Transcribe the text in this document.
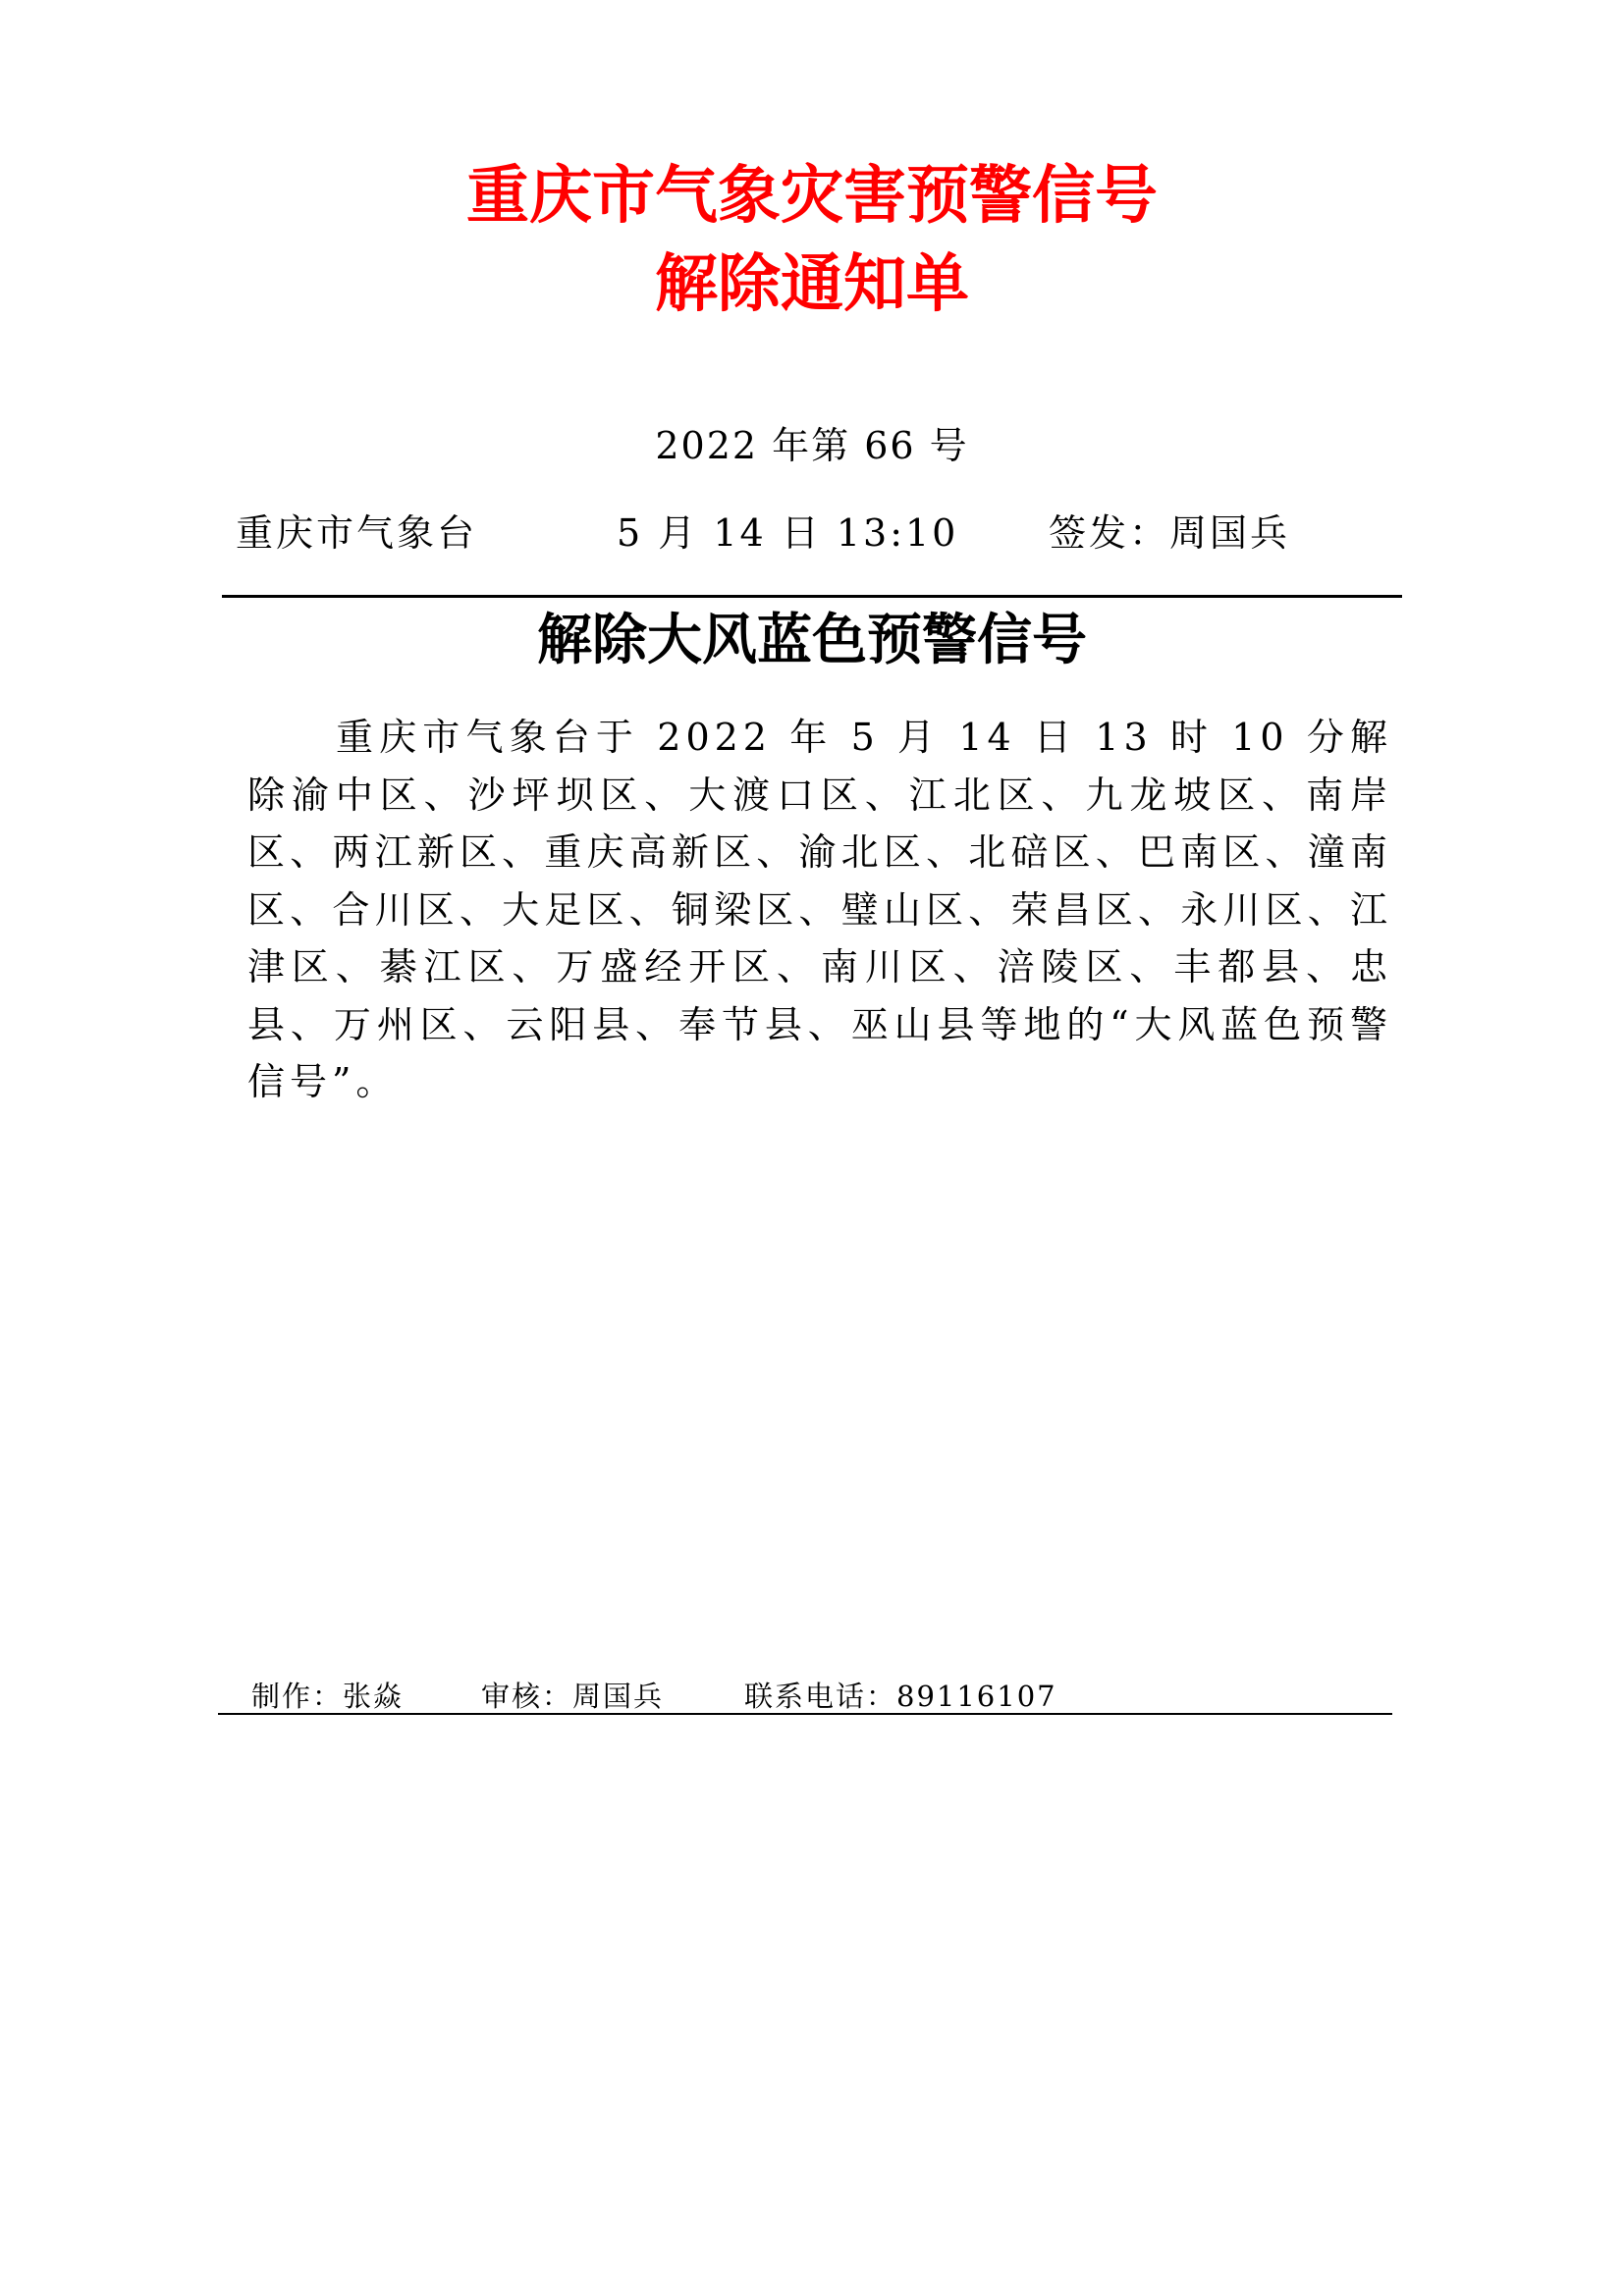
重庆市气象灾害预警信号
解除通知单
2022 年第 66 号
重庆市气象台	5 月 14 日 13:10 签发：周国兵
解除大风蓝色预警信号

重庆市气象台于 2022 年 5 月 14 日 13 时 10 分解除渝中区、沙坪坝区、大渡口区、江北区、九龙坡区、南岸区、两江新区、重庆高新区、渝北区、北碚区、巴南区、潼南区、合川区、大足区、铜梁区、璧山区、荣昌区、永川区、江津区、綦江区、万盛经开区、南川区、涪陵区、丰都县、忠县、万州区、云阳县、奉节县、巫山县等地的“大风蓝色预警信号”。

制作：张焱	审核：周国兵	联系电话：89116107
